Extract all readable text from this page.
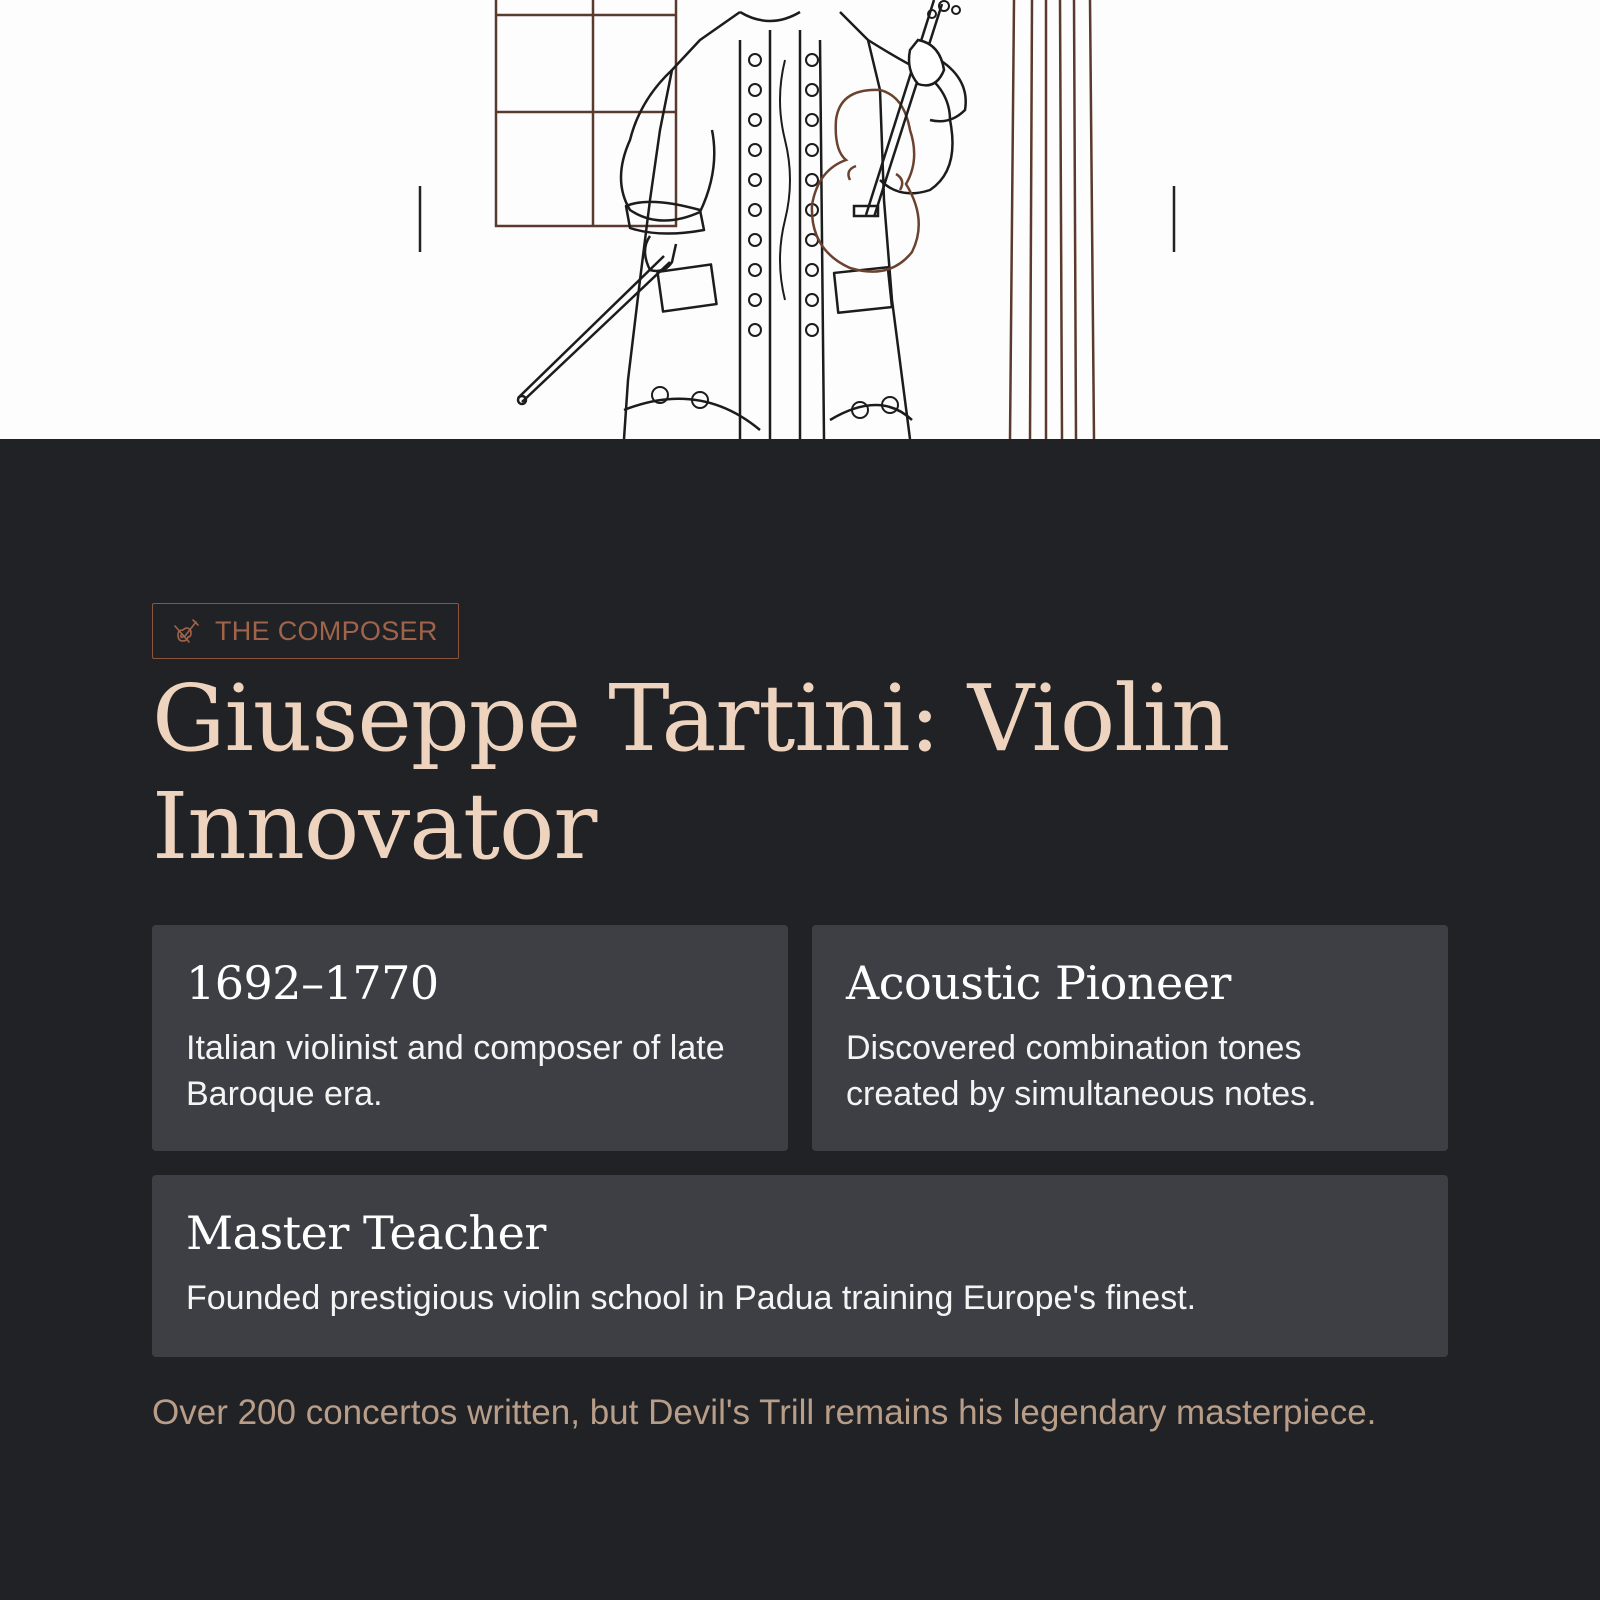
THE COMPOSER
Giuseppe Tartini: Violin Innovator
1692–1770
Italian violinist and composer of late Baroque era.
Acoustic Pioneer
Discovered combination tones created by simultaneous notes.
Master Teacher
Founded prestigious violin school in Padua training Europe's finest.
Over 200 concertos written, but Devil's Trill remains his legendary masterpiece.
